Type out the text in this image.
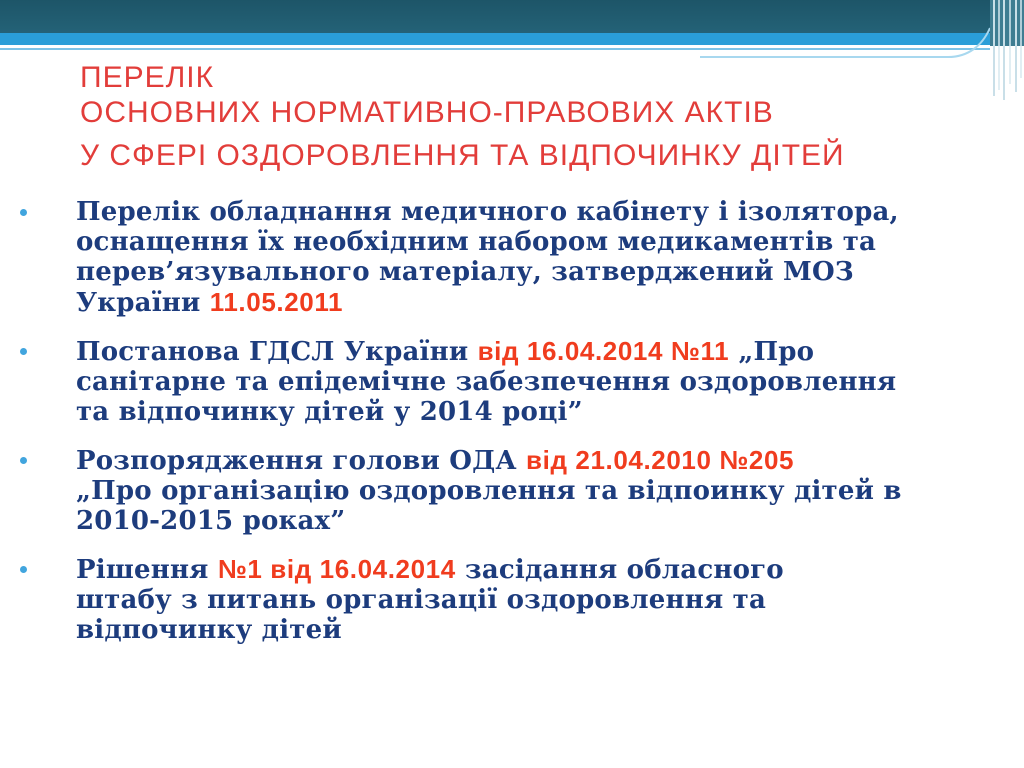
ПЕРЕЛІК
ОСНОВНИХ НОРМАТИВНО-ПРАВОВИХ АКТІВ
У СФЕРІ ОЗДОРОВЛЕННЯ ТА ВІДПОЧИНКУ ДІТЕЙ
Перелік обладнання медичного кабінету і ізолятора,
оснащення їх необхідним набором медикаментів та
перев’язувального матеріалу, затверджений МОЗ
України 11.05.2011
Постанова ГДСЛ України від 16.04.2014 №11 „Про
санітарне та епідемічне забезпечення оздоровлення
та відпочинку дітей у 2014 році”
Розпорядження голови ОДА від 21.04.2010 №205
„Про організацію оздоровлення та відпоинку дітей в
2010-2015 роках”
Рішення №1 від 16.04.2014 засідання обласного
штабу з питань організації оздоровлення та
відпочинку дітей
